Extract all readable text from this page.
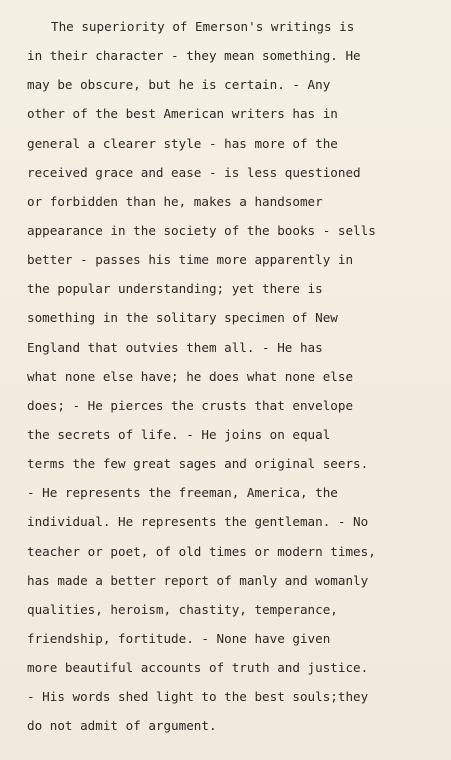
The superiority of Emerson's writings is
in their character - they mean something. He
may be obscure, but he is certain. - Any
other of the best American writers has in
general a clearer style - has more of the
received grace and ease - is less questioned
or forbidden than he, makes a handsomer
appearance in the society of the books - sells
better - passes his time more apparently in
the popular understanding; yet there is
something in the solitary specimen of New
England that outvies them all. - He has
what none else have; he does what none else
does; - He pierces the crusts that envelope
the secrets of life. - He joins on equal
terms the few great sages and original seers.
- He represents the freeman, America, the
individual. He represents the gentleman. - No
teacher or poet, of old times or modern times,
has made a better report of manly and womanly
qualities, heroism, chastity, temperance,
friendship, fortitude. - None have given
more beautiful accounts of truth and justice.
- His words shed light to the best souls;they
do not admit of argument.
